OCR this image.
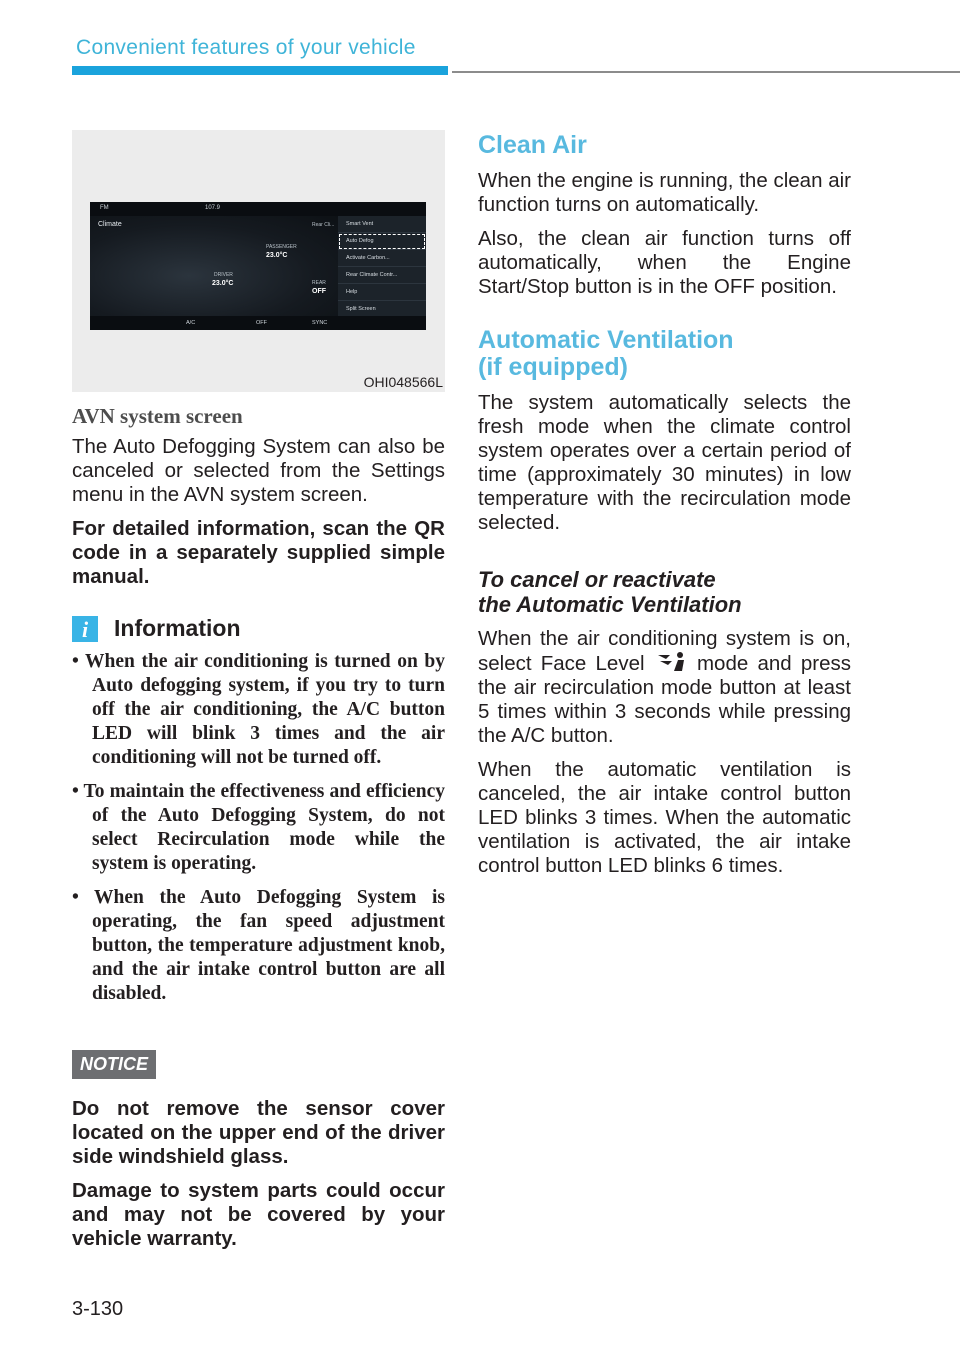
Convenient features of your vehicle
FM	107.9
Climate	Rear Cli...
PASSENGER
23.0°C
DRIVER
23.0°C	REAR
OFF
Smart Vent
Auto Defog
Activate Carbon...
Rear Climate Contr...
Help
Split Screen
A/C	OFF	SYNC
OHI048566L
AVN system screen

The Auto Defogging System can also be canceled or selected from the Settings menu in the AVN system screen.

For detailed information, scan the QR code in a separately supplied simple manual.

i	Information
• When the air conditioning is turned on by Auto defogging system, if you try to turn off the air conditioning, the A/C button LED will blink 3 times and the air conditioning will not be turned off.
• To maintain the effectiveness and efficiency of the Auto Defogging System, do not select Recirculation mode while the system is operating.
• When the Auto Defogging System is operating, the fan speed adjustment button, the temperature adjustment knob, and the air intake control button are all disabled.
NOTICE

Do not remove the sensor cover located on the upper end of the driver side windshield glass.

Damage to system parts could occur and may not be covered by your vehicle warranty.

Clean Air

When the engine is running, the clean air function turns on automatically.

Also, the clean air function turns off automatically, when the Engine Start/Stop button is in the OFF position.

Automatic Ventilation
(if equipped)

The system automatically selects the fresh mode when the climate control system operates over a certain period of time (approximately 30 minutes) in low temperature with the recirculation mode selected.

To cancel or reactivate
the Automatic Ventilation

When the air conditioning system is on, select Face Level	mode and press the air recirculation mode button at least 5 times within 3 seconds while pressing the A/C button.

When the automatic ventilation is canceled, the air intake control button LED blinks 3 times. When the automatic ventilation is activated, the air intake control button LED blinks 6 times.

3-130
